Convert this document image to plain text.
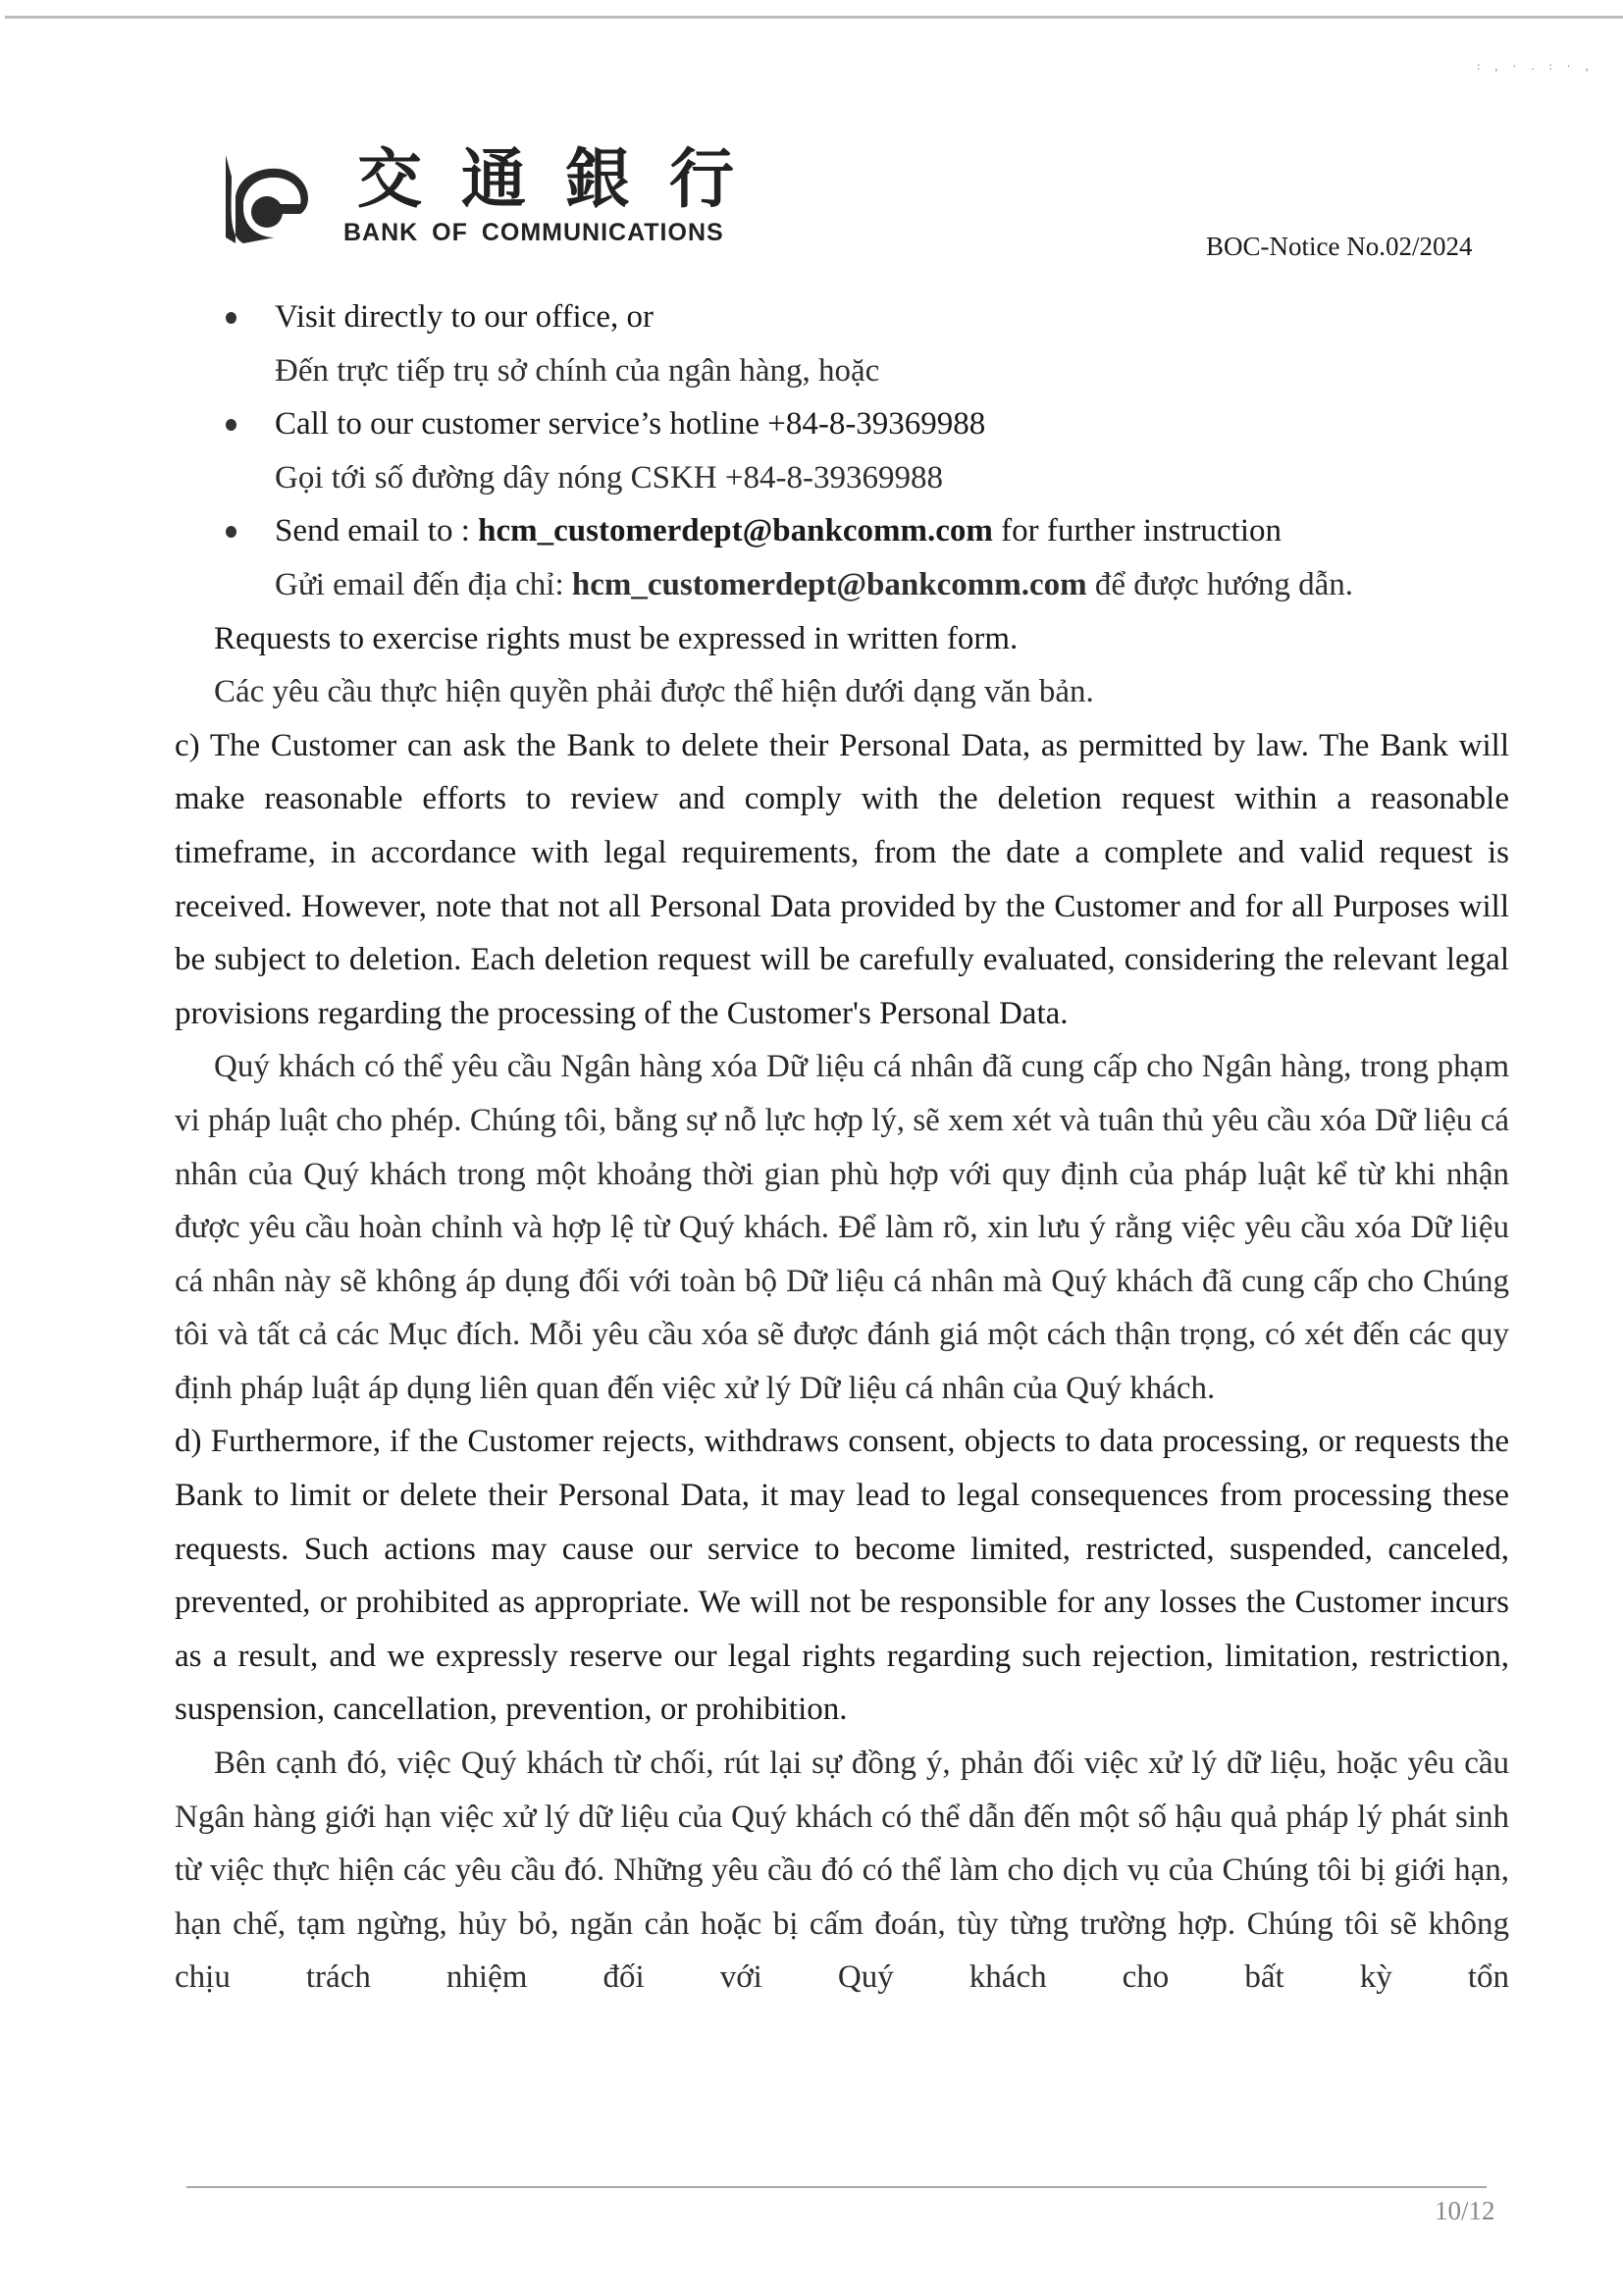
: , · . : · ,
交通銀行
BANK OF COMMUNICATIONS	BOC-Notice No.02/2024
Visit directly to our office, or
Đến trực tiếp trụ sở chính của ngân hàng, hoặc
Call to our customer service’s hotline +84-8-39369988
Gọi tới số đường dây nóng CSKH +84-8-39369988
Send email to : hcm_customerdept@bankcomm.com for further instruction
Gửi email đến địa chỉ: hcm_customerdept@bankcomm.com để được hướng dẫn.
Requests to exercise rights must be expressed in written form.
Các yêu cầu thực hiện quyền phải được thể hiện dưới dạng văn bản.
c) The Customer can ask the Bank to delete their Personal Data, as permitted by law. The Bank will make reasonable efforts to review and comply with the deletion request within a reasonable timeframe, in accordance with legal requirements, from the date a complete and valid request is received. However, note that not all Personal Data provided by the Customer and for all Purposes will be subject to deletion. Each deletion request will be carefully evaluated, considering the relevant legal provisions regarding the processing of the Customer's Personal Data.
Quý khách có thể yêu cầu Ngân hàng xóa Dữ liệu cá nhân đã cung cấp cho Ngân hàng, trong phạm vi pháp luật cho phép. Chúng tôi, bằng sự nỗ lực hợp lý, sẽ xem xét và tuân thủ yêu cầu xóa Dữ liệu cá nhân của Quý khách trong một khoảng thời gian phù hợp với quy định của pháp luật kể từ khi nhận được yêu cầu hoàn chỉnh và hợp lệ từ Quý khách. Để làm rõ, xin lưu ý rằng việc yêu cầu xóa Dữ liệu cá nhân này sẽ không áp dụng đối với toàn bộ Dữ liệu cá nhân mà Quý khách đã cung cấp cho Chúng tôi và tất cả các Mục đích. Mỗi yêu cầu xóa sẽ được đánh giá một cách thận trọng, có xét đến các quy định pháp luật áp dụng liên quan đến việc xử lý Dữ liệu cá nhân của Quý khách.
d) Furthermore, if the Customer rejects, withdraws consent, objects to data processing, or requests the Bank to limit or delete their Personal Data, it may lead to legal consequences from processing these requests. Such actions may cause our service to become limited, restricted, suspended, canceled, prevented, or prohibited as appropriate. We will not be responsible for any losses the Customer incurs as a result, and we expressly reserve our legal rights regarding such rejection, limitation, restriction, suspension, cancellation, prevention, or prohibition.
Bên cạnh đó, việc Quý khách từ chối, rút lại sự đồng ý, phản đối việc xử lý dữ liệu, hoặc yêu cầu Ngân hàng giới hạn việc xử lý dữ liệu của Quý khách có thể dẫn đến một số hậu quả pháp lý phát sinh từ việc thực hiện các yêu cầu đó. Những yêu cầu đó có thể làm cho dịch vụ của Chúng tôi bị giới hạn, hạn chế, tạm ngừng, hủy bỏ, ngăn cản hoặc bị cấm đoán, tùy từng trường hợp. Chúng tôi sẽ không chịu trách nhiệm đối với Quý khách cho bất kỳ tổn
10/12
